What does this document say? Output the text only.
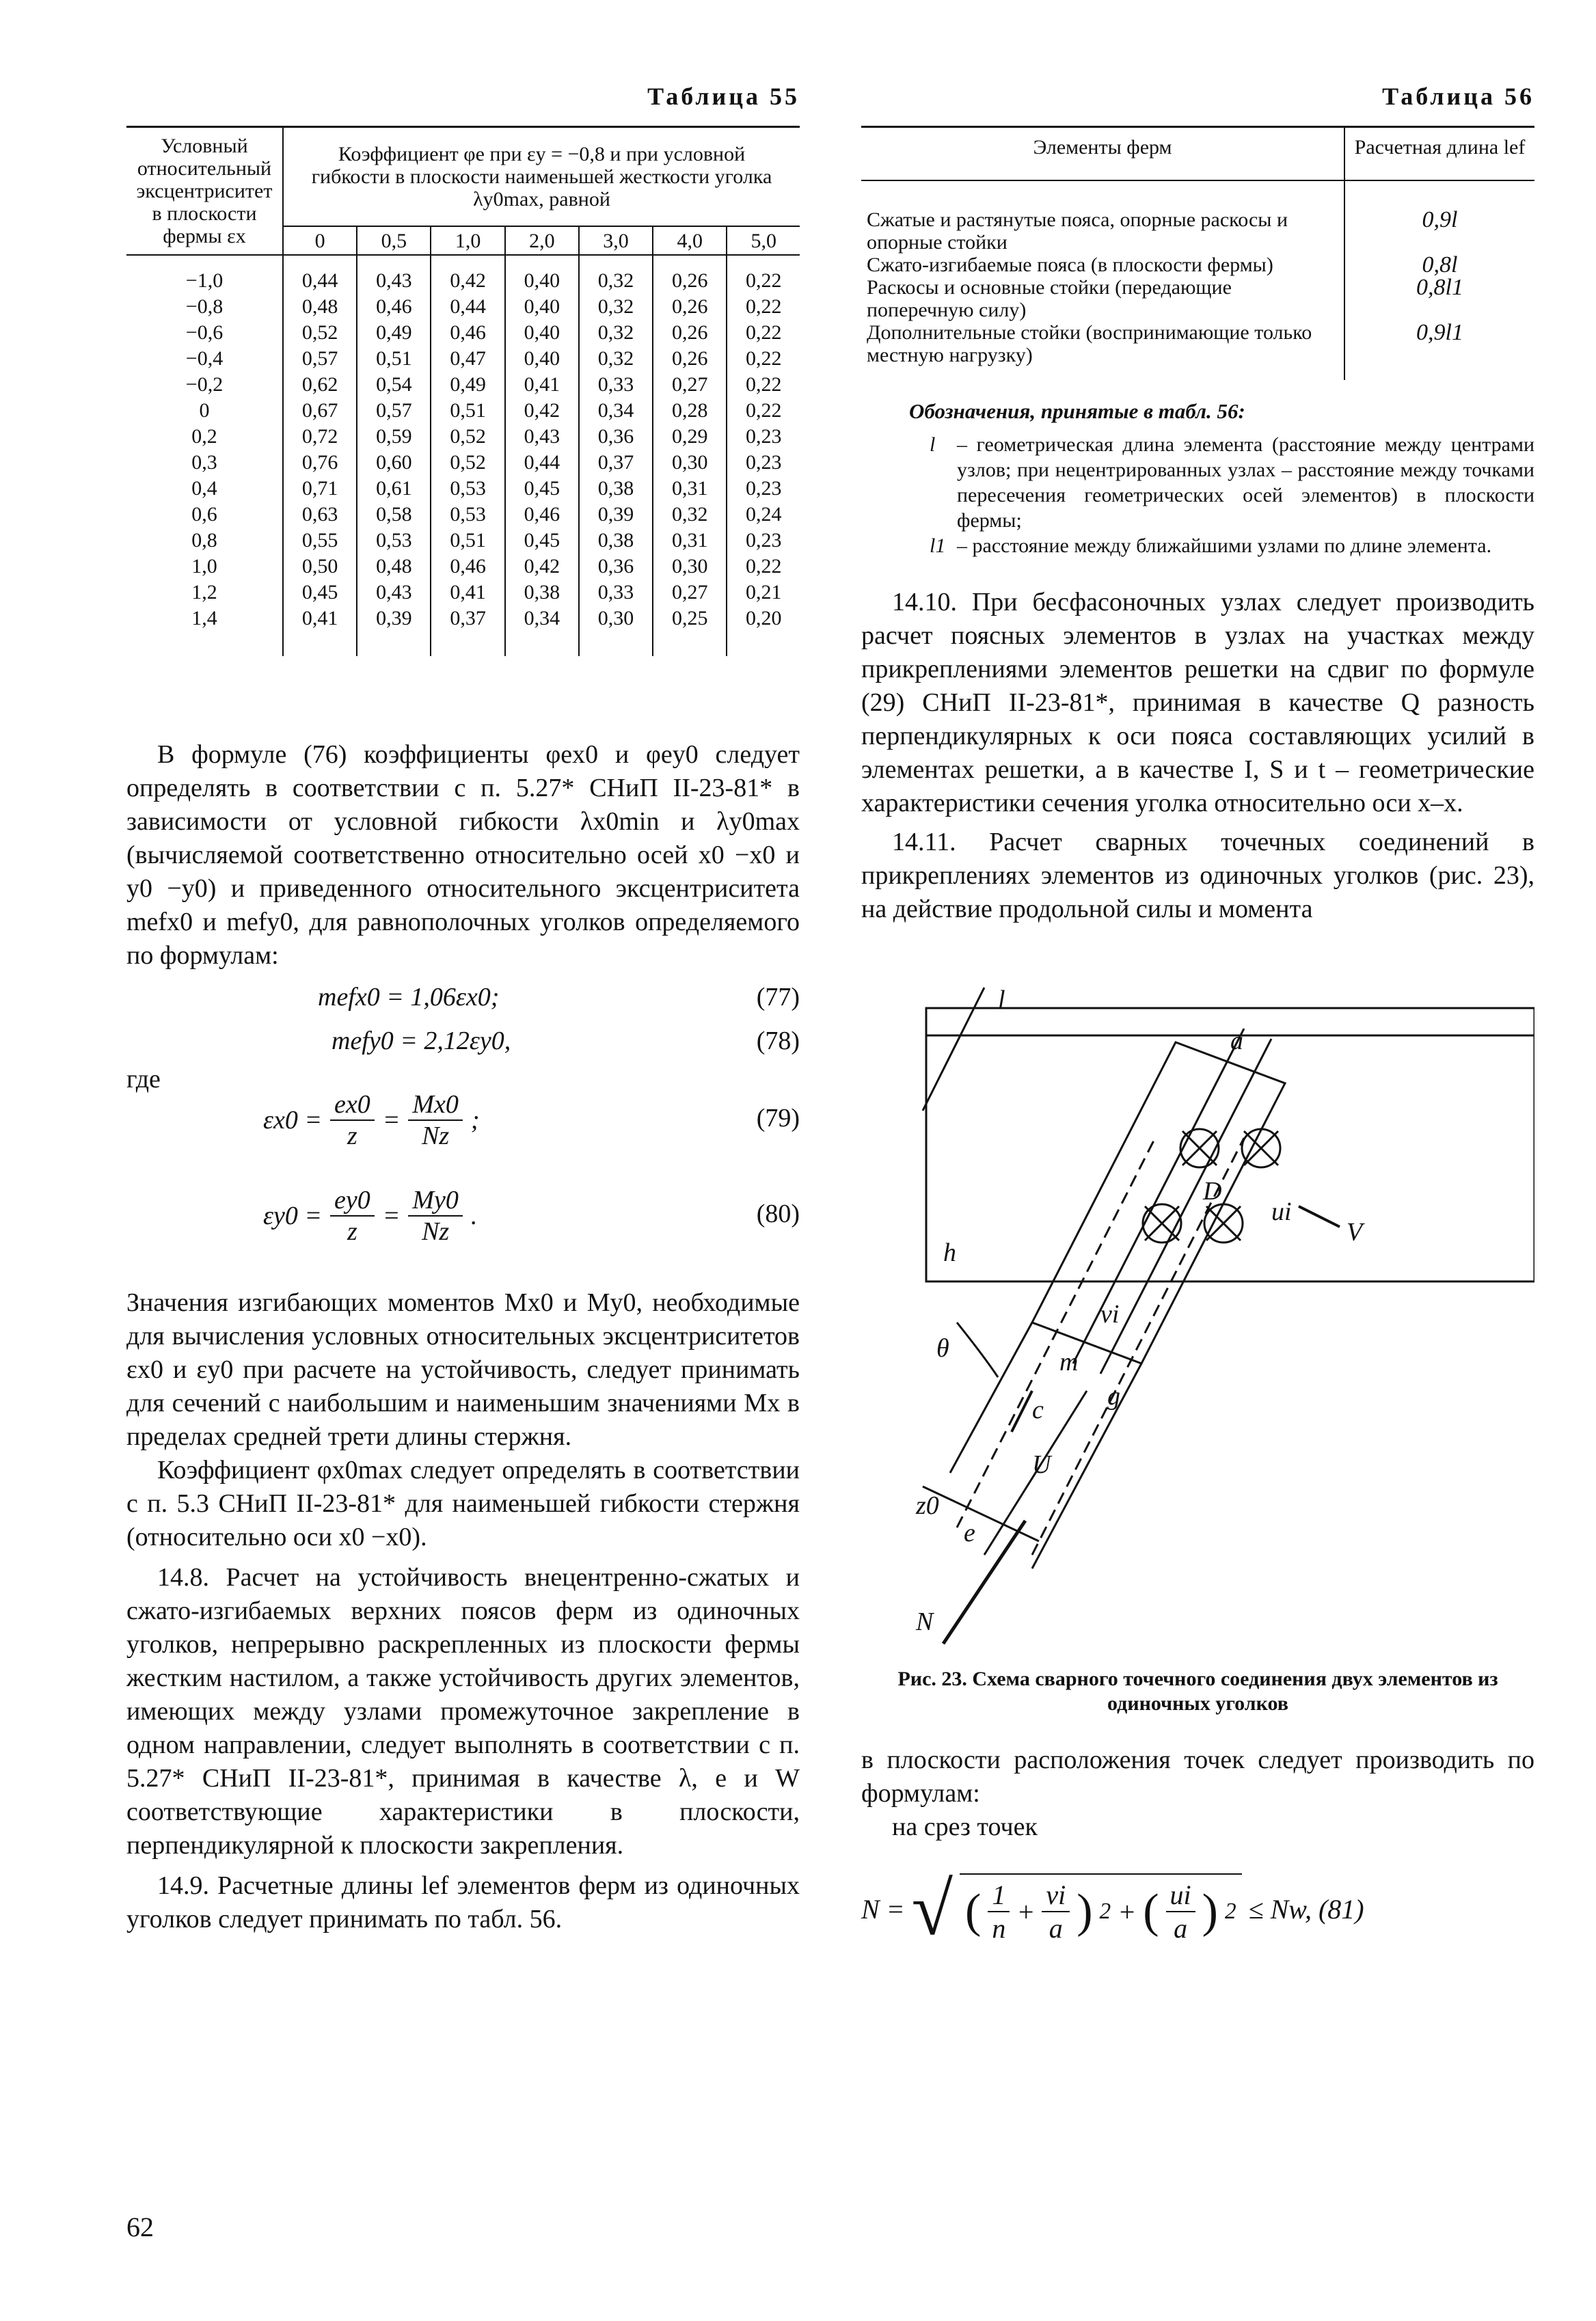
Таблица 55
Условный относительный эксцентриситет в плоскости фермы εx	Коэффициент φe при εy = −0,8 и при условной гибкости в плоскости наименьшей жесткости уголка λy0max, равной						
	0	0,5	1,0	2,0	3,0	4,0	5,0
−1,0	0,44	0,43	0,42	0,40	0,32	0,26	0,22
−0,8	0,48	0,46	0,44	0,40	0,32	0,26	0,22
−0,6	0,52	0,49	0,46	0,40	0,32	0,26	0,22
−0,4	0,57	0,51	0,47	0,40	0,32	0,26	0,22
−0,2	0,62	0,54	0,49	0,41	0,33	0,27	0,22
0	0,67	0,57	0,51	0,42	0,34	0,28	0,22
0,2	0,72	0,59	0,52	0,43	0,36	0,29	0,23
0,3	0,76	0,60	0,52	0,44	0,37	0,30	0,23
0,4	0,71	0,61	0,53	0,45	0,38	0,31	0,23
0,6	0,63	0,58	0,53	0,46	0,39	0,32	0,24
0,8	0,55	0,53	0,51	0,45	0,38	0,31	0,23
1,0	0,50	0,48	0,46	0,42	0,36	0,30	0,22
1,2	0,45	0,43	0,41	0,38	0,33	0,27	0,21
1,4	0,41	0,39	0,37	0,34	0,30	0,25	0,20

В формуле (76) коэффициенты φex0 и φey0 следует определять в соответствии с п. 5.27* СНиП II-23-81* в зависимости от условной гибкости λx0min и λy0max (вычисляемой соответственно относительно осей x0 −x0 и y0 −y0) и приведенного относительного эксцентриситета mefx0 и mefy0, для равнополочных уголков определяемого по формулам:

mefx0 = 1,06εx0;	(77)
mefy0 = 2,12εy0,	(78)
где
$\varepsilon x0 = \frac{ex0}{z} = \frac{Mx0}{Nz}$ ;	(79)
$\varepsilon y0 = \frac{ey0}{z} = \frac{My0}{Nz}$ .	(80)

Значения изгибающих моментов Mx0 и My0, необходимые для вычисления условных относительных эксцентриситетов εx0 и εy0 при расчете на устойчивость, следует принимать для сечений с наибольшим и наименьшим значениями Mx в пределах средней трети длины стержня.

Коэффициент φx0max следует определять в соответствии с п. 5.3 СНиП II-23-81* для наименьшей гибкости стержня (относительно оси x0 −x0).

14.8. Расчет на устойчивость внецентренно-сжатых и сжато-изгибаемых верхних поясов ферм из одиночных уголков, непрерывно раскрепленных из плоскости фермы жестким настилом, а также устойчивость других элементов, имеющих между узлами промежуточное закрепление в одном направлении, следует выполнять в соответствии с п. 5.27* СНиП II-23-81*, принимая в качестве λ, e и W соответствующие характеристики в плоскости, перпендикулярной к плоскости закрепления.

14.9. Расчетные длины lef элементов ферм из одиночных уголков следует принимать по табл. 56.

62
Таблица 56
Элементы ферм	Расчетная длина lef
Сжатые и растянутые пояса, опорные раскосы и опорные стойки	0,9l
Сжато-изгибаемые пояса (в плоскости фермы)	0,8l
Раскосы и основные стойки (передающие поперечную силу)	0,8l1
Дополнительные стойки (воспринимающие только местную нагрузку)	0,9l1
Обозначения, принятые в табл. 56:
l	– геометрическая длина элемента (расстояние между центрами узлов; при нецентрированных узлах – расстояние между точками пересечения геометрических осей элементов) в плоскости фермы;
l1 – расстояние между ближайшими узлами по длине элемента.

14.10. При бесфасоночных узлах следует производить расчет поясных элементов в узлах на участках между прикреплениями элементов решетки на сдвиг по формуле (29) СНиП II-23-81*, принимая в качестве Q разность перпендикулярных к оси пояса составляющих усилий в элементах решетки, а в качестве I, S и t – геометрические характеристики сечения уголка относительно оси x–x.

14.11. Расчет сварных точечных соединений в прикреплениях элементов из одиночных уголков (рис. 23), на действие продольной силы и момента

l
a
D
ui
V
h
θ
vi
m
g
c
U
z0
e
N
Рис. 23. Схема сварного точечного соединения двух элементов из одиночных уголков

в плоскости расположения точек следует производить по формулам:

на срез точек

N = √ ( $\frac{1}{n} + \frac{vi}{a}$ ) 2 + ( $\frac{ui}{a}$ ) 2 ≤ Nw, (81)
